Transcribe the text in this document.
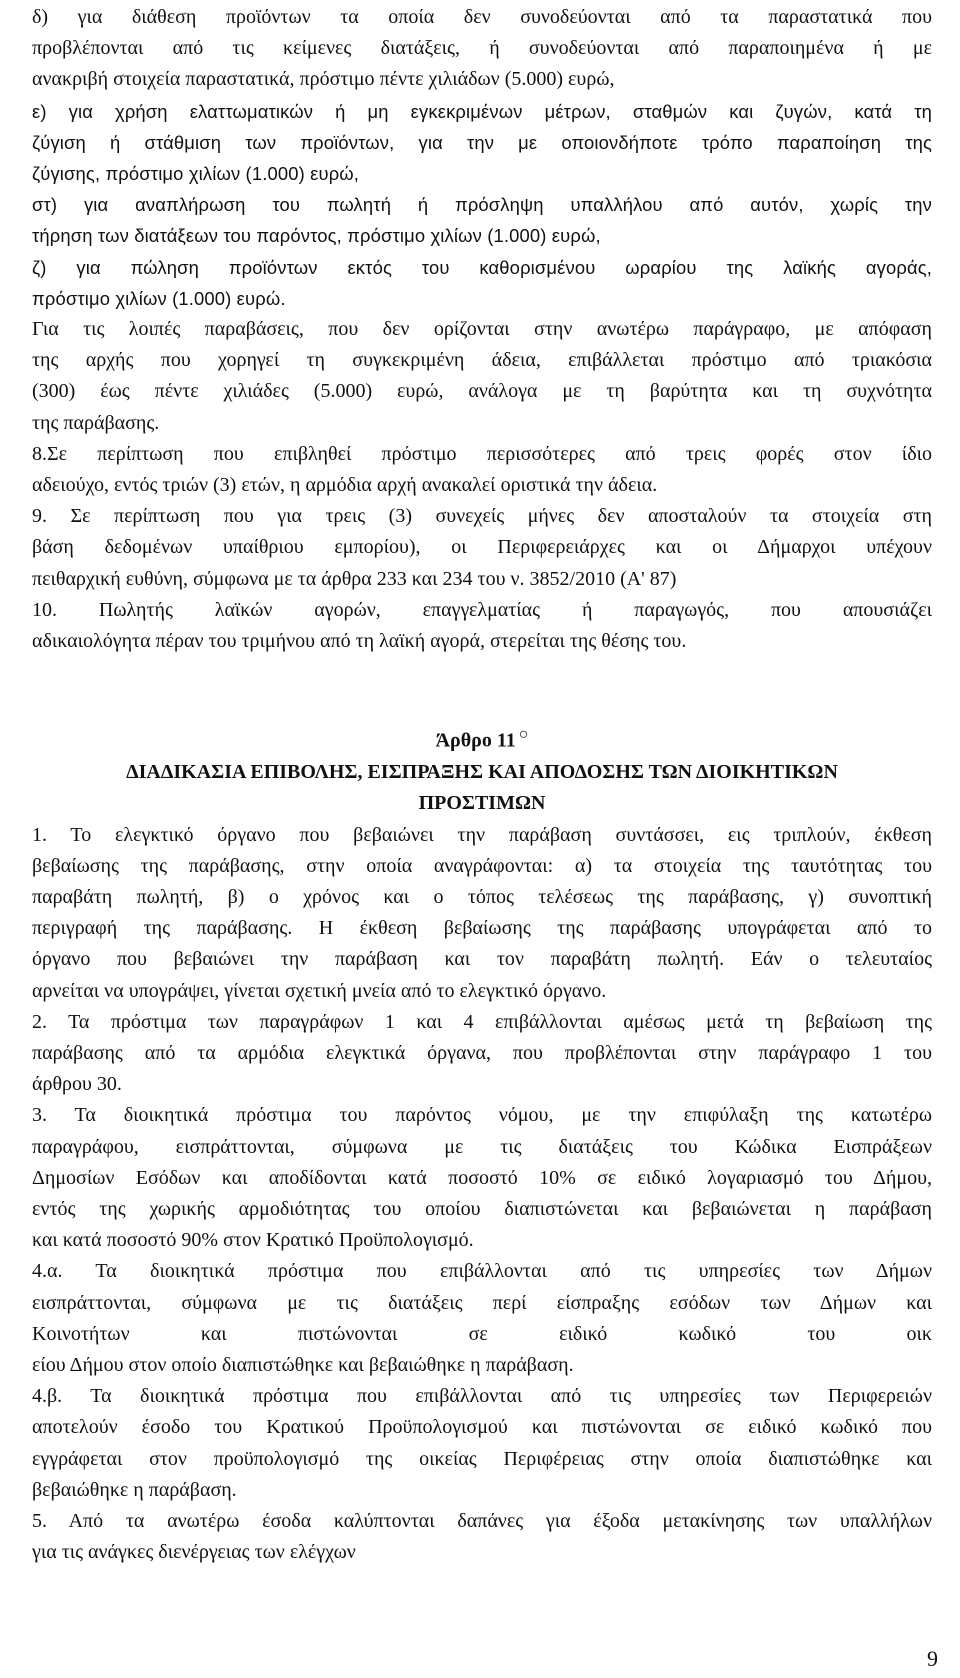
δ) για διάθεση προϊόντων τα οποία δεν συνοδεύονται από τα παραστατικά που
προβλέπονται από τις κείμενες διατάξεις, ή συνοδεύονται από παραποιημένα ή με
ανακριβή στοιχεία παραστατικά, πρόστιμο πέντε χιλιάδων (5.000) ευρώ,
ε) για χρήση ελαττωματικών ή μη εγκεκριμένων μέτρων, σταθμών και ζυγών, κατά τη
ζύγιση ή στάθμιση των προϊόντων, για την με οποιονδήποτε τρόπο παραποίηση της
ζύγισης, πρόστιμο χιλίων (1.000) ευρώ,
στ) για αναπλήρωση του πωλητή ή πρόσληψη υπαλλήλου από αυτόν, χωρίς την
τήρηση των διατάξεων του παρόντος, πρόστιμο χιλίων (1.000) ευρώ,
ζ) για πώληση προϊόντων εκτός του καθορισμένου ωραρίου της λαϊκής αγοράς,
πρόστιμο χιλίων (1.000) ευρώ.
Για τις λοιπές παραβάσεις, που δεν ορίζονται στην ανωτέρω παράγραφο, με απόφαση
της αρχής που χορηγεί τη συγκεκριμένη άδεια, επιβάλλεται πρόστιμο από τριακόσια
(300) έως πέντε χιλιάδες (5.000) ευρώ, ανάλογα με τη βαρύτητα και τη συχνότητα
της παράβασης.
8.Σε περίπτωση που επιβληθεί πρόστιμο περισσότερες από τρεις φορές στον ίδιο
αδειούχο, εντός τριών (3) ετών, η αρμόδια αρχή ανακαλεί οριστικά την άδεια.
9. Σε περίπτωση που για τρεις (3) συνεχείς μήνες δεν αποσταλούν τα στοιχεία στη
βάση δεδομένων υπαίθριου εμπορίου), οι Περιφερειάρχες και οι Δήμαρχοι υπέχουν
πειθαρχική ευθύνη, σύμφωνα με τα άρθρα 233 και 234 του ν. 3852/2010 (Α' 87)
10. Πωλητής λαϊκών αγορών, επαγγελματίας ή παραγωγός, που απουσιάζει
αδικαιολόγητα πέραν του τριμήνου από τη λαϊκή αγορά, στερείται της θέσης του.

Άρθρο 11 ○

ΔΙΑΔΙΚΑΣΙΑ ΕΠΙΒΟΛΗΣ, ΕΙΣΠΡΑΞΗΣ ΚΑΙ ΑΠΟΔΟΣΗΣ ΤΩΝ ΔΙΟΙΚΗΤΙΚΩΝ

ΠΡΟΣΤΙΜΩΝ

1. Το ελεγκτικό όργανο που βεβαιώνει την παράβαση συντάσσει, εις τριπλούν, έκθεση
βεβαίωσης της παράβασης, στην οποία αναγράφονται: α) τα στοιχεία της ταυτότητας του
παραβάτη πωλητή, β) ο χρόνος και ο τόπος τελέσεως της παράβασης, γ) συνοπτική
περιγραφή της παράβασης. Η έκθεση βεβαίωσης της παράβασης υπογράφεται από το
όργανο που βεβαιώνει την παράβαση και τον παραβάτη πωλητή. Εάν ο τελευταίος
αρνείται να υπογράψει, γίνεται σχετική μνεία από το ελεγκτικό όργανο.
2. Τα πρόστιμα των παραγράφων 1 και 4 επιβάλλονται αμέσως μετά τη βεβαίωση της
παράβασης από τα αρμόδια ελεγκτικά όργανα, που προβλέπονται στην παράγραφο 1 του
άρθρου 30.
3. Τα διοικητικά πρόστιμα του παρόντος νόμου, με την επιφύλαξη της κατωτέρω
παραγράφου, εισπράττονται, σύμφωνα με τις διατάξεις του Κώδικα Εισπράξεων
Δημοσίων Εσόδων και αποδίδονται κατά ποσοστό 10% σε ειδικό λογαριασμό του Δήμου,
εντός της χωρικής αρμοδιότητας του οποίου διαπιστώνεται και βεβαιώνεται η παράβαση
και κατά ποσοστό 90% στον Κρατικό Προϋπολογισμό.
4.α. Τα διοικητικά πρόστιμα που επιβάλλονται από τις υπηρεσίες των Δήμων
εισπράττονται, σύμφωνα με τις διατάξεις περί είσπραξης εσόδων των Δήμων και
Κοινοτήτων και πιστώνονται σε ειδικό κωδικό του οικ
είου Δήμου στον οποίο διαπιστώθηκε και βεβαιώθηκε η παράβαση.
4.β. Τα διοικητικά πρόστιμα που επιβάλλονται από τις υπηρεσίες των Περιφερειών
αποτελούν έσοδο του Κρατικού Προϋπολογισμού και πιστώνονται σε ειδικό κωδικό που
εγγράφεται στον προϋπολογισμό της οικείας Περιφέρειας στην οποία διαπιστώθηκε και
βεβαιώθηκε η παράβαση.
5. Από τα ανωτέρω έσοδα καλύπτονται δαπάνες για έξοδα μετακίνησης των υπαλλήλων
για τις ανάγκες διενέργειας των ελέγχων
9
